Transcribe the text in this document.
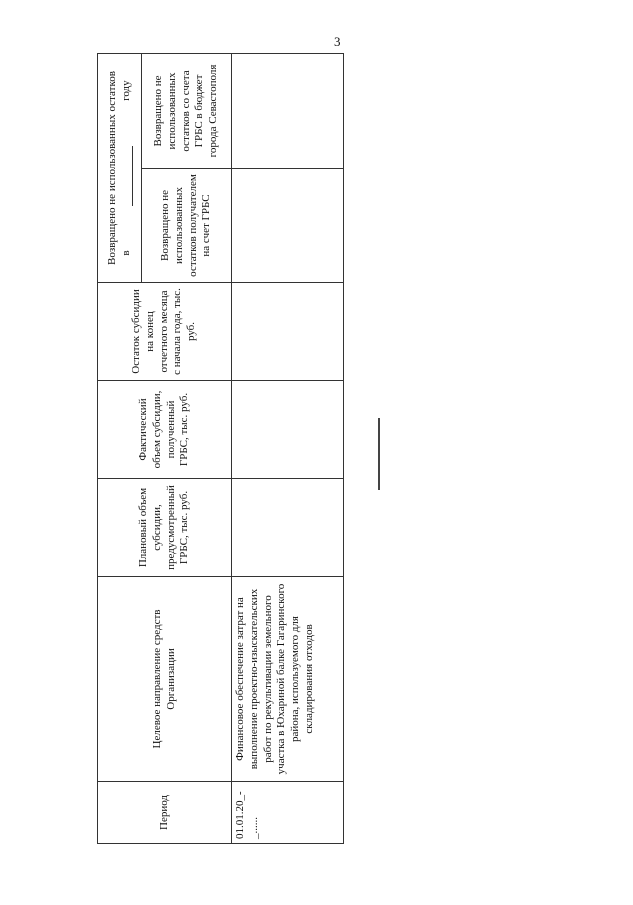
3
Период	Целевое направление средств Организации	Плановый объем субсидии, предусмотренный ГРБС, тыс. руб.	Фактический объем субсидии, полученный ГРБС, тыс. руб.	Остаток субсидии на конец отчетного месяца с начала года, тыс. руб.	Возвращено не использованных остатков в
году	

					Возвращено не использованных остатков получателем на счет ГРБС	Возвращено не использованных остатков со счета ГРБС в бюджет города Севастополя
01.01.20_-_......	Финансовое обеспечение затрат на выполнение проектно-изыскательских работ по рекультивации земельного участка в Юхариной балке Гагаринского района, используемого для складирования отходов					
